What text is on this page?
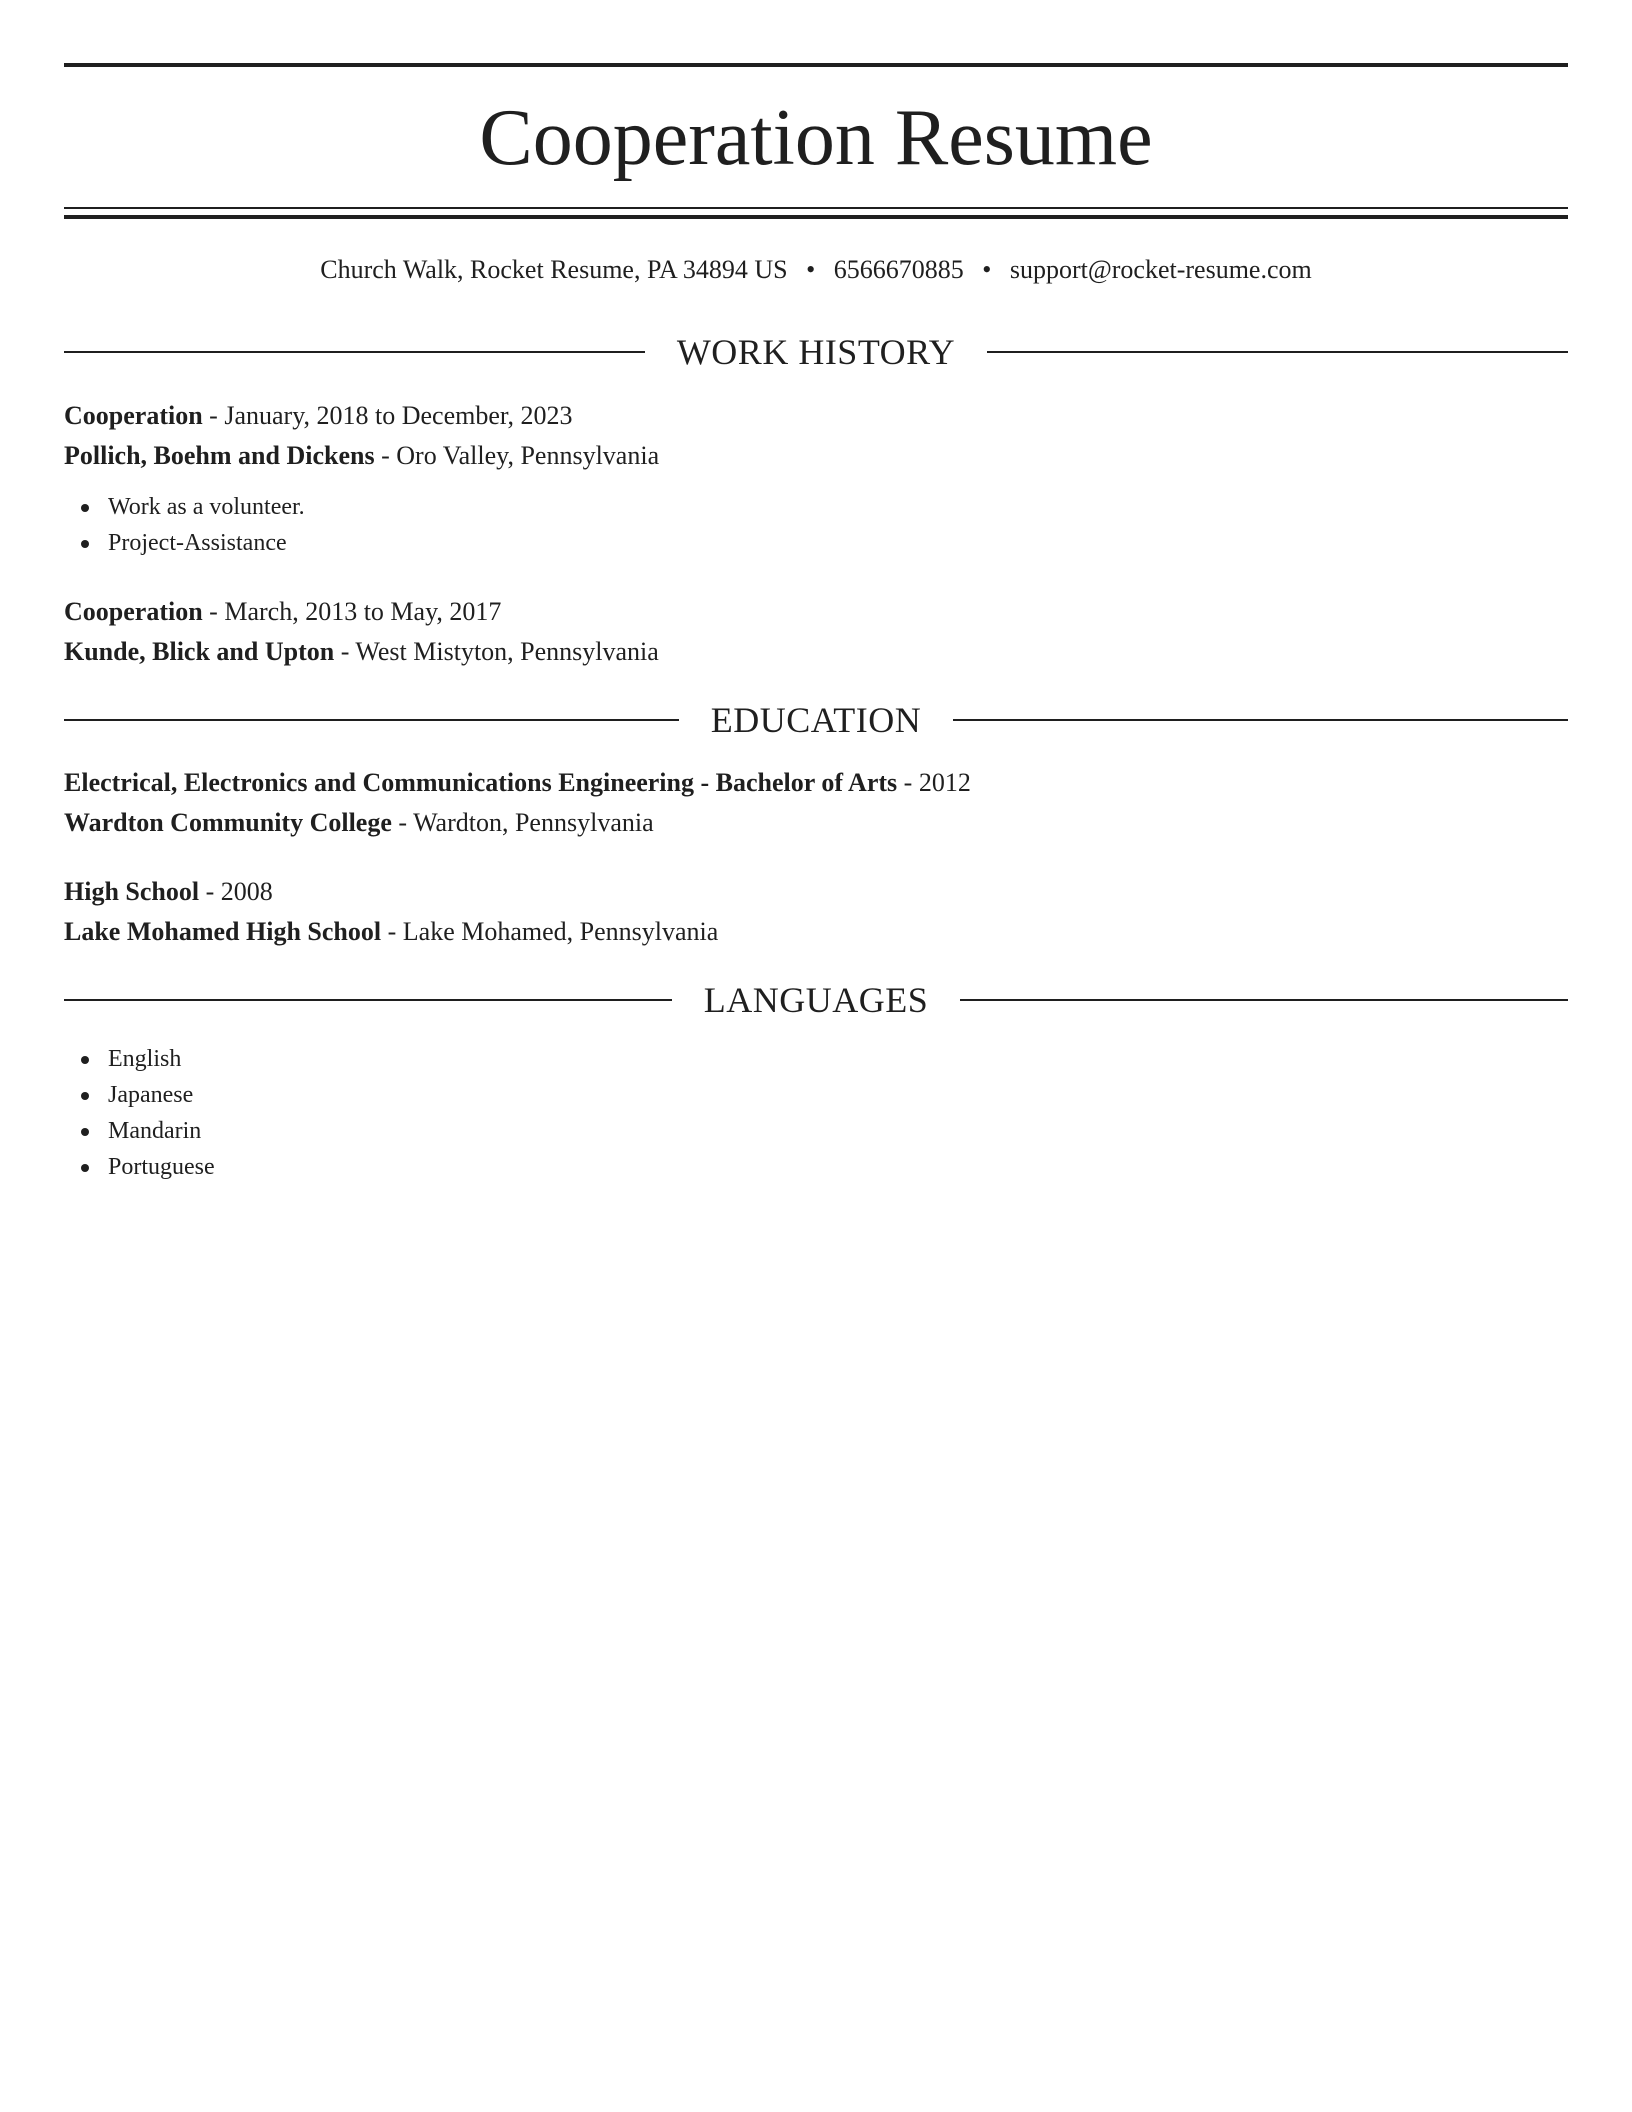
Cooperation Resume
Church Walk, Rocket Resume, PA 34894 US • 6566670885 • support@rocket-resume.com
WORK HISTORY
Cooperation - January, 2018 to December, 2023
Pollich, Boehm and Dickens - Oro Valley, Pennsylvania
Work as a volunteer.
Project-Assistance
Cooperation - March, 2013 to May, 2017
Kunde, Blick and Upton - West Mistyton, Pennsylvania
EDUCATION
Electrical, Electronics and Communications Engineering - Bachelor of Arts - 2012
Wardton Community College - Wardton, Pennsylvania
High School - 2008
Lake Mohamed High School - Lake Mohamed, Pennsylvania
LANGUAGES
English
Japanese
Mandarin
Portuguese
